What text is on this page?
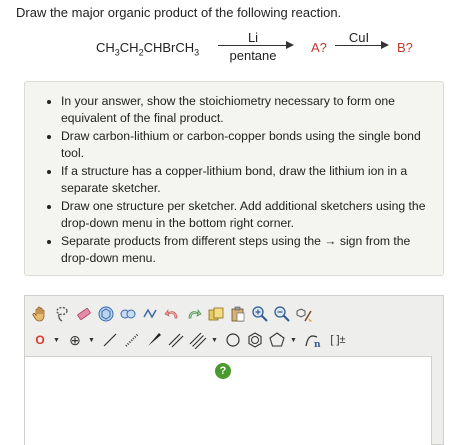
Draw the major organic product of the following reaction.
$CH_3CH_2CHBrCH_3$
Li
pentane
A?
CuI
B?
• In your answer, show the stoichiometry necessary to form one equivalent of the final product.
• Draw carbon-lithium or carbon-copper bonds using the single bond tool.
• If a structure has a copper-lithium bond, draw the lithium ion in a separate sketcher.
• Draw one structure per sketcher. Add additional sketchers using the drop-down menu in the bottom right corner.
• Separate products from different steps using the → sign from the drop-down menu.
O	▼ ⊕	▼	▼	▼ n [ ]±
?
